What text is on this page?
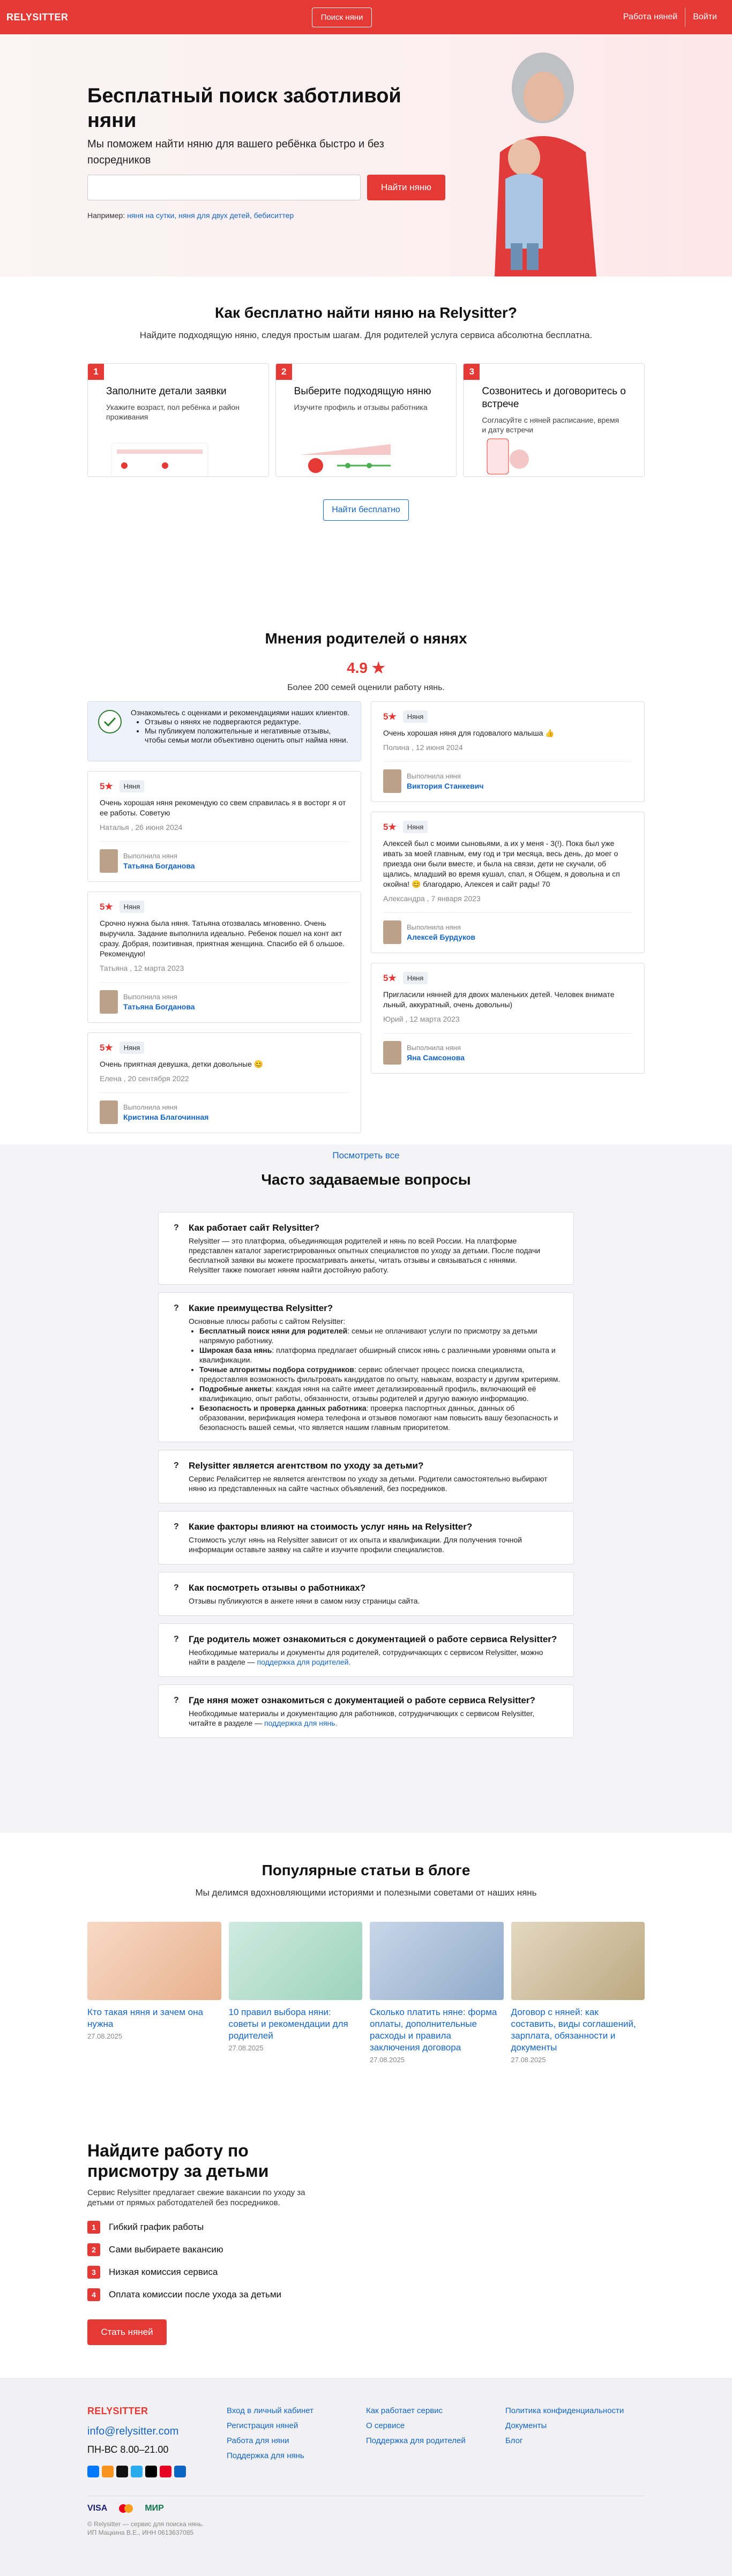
RELYSITTER	Поиск няни	Работа няней	Войти
Бесплатный поиск заботливой няни

Мы поможем найти няню для вашего ребёнка быстро и без посредников

Найти няню
Например: няня на сутки, няня для двух детей, бебиситтер
Как бесплатно найти няню на Relysitter?

Найдите подходящую няню, следуя простым шагам. Для родителей услуга сервиса абсолютна бесплатна.

1
Заполните детали заявки

Укажите возраст, пол ребёнка и район проживания

2
Выберите подходящую няню

Изучите профиль и отзывы работника

3
Созвонитесь и договоритесь о встрече

Согласуйте с няней расписание, время и дату встречи

Найти бесплатно
Мнения родителей о нянях
4.9 ★

Более 200 семей оценили работу нянь.

Ознакомьтесь с оценками и рекомендациями наших клиентов.
• Отзывы о нянях не подвергаются редактуре.
• Мы публикуем положительные и негативные отзывы, чтобы семьи могли объективно оценить опыт найма няни.
5★	Няня

Очень хорошая няня рекомендую со свем справилась я в восторг я от ее работы. Советую

Наталья , 26 июня 2024

Выполнила няня
Татьяна Богданова
5★	Няня

Срочно нужна была няня. Татьяна отозвалась мгновенно. Очень выручила. Задание выполнила идеально. Ребенок пошел на конт акт сразу. Добрая, позитивная, приятная женщина. Спасибо ей б ольшое. Рекомендую!

Татьяна , 12 марта 2023

Выполнила няня
Татьяна Богданова
5★	Няня

Очень приятная девушка, детки довольные 😊

Елена , 20 сентября 2022

Выполнила няня
Кристина Благочинная
5★	Няня

Очень хорошая няня для годовалого малыша 👍

Полина , 12 июня 2024

Выполнила няня
Виктория Станкевич
5★	Няня

Алексей был с моими сыновьями, а их у меня - 3(!). Пока был уже ивать за моей главным, ему год и три месяца, весь день, до моег о приезда они были вместе, и была на связи, дети не скучали, об щались, младший во время кушал, спал, я Общем, я довольна и сп окойна! 😊 благодарю, Алексея и сайт рады! 70

Александра , 7 января 2023

Выполнила няня
Алексей Бурдуков
5★	Няня

Пригласили нянней для двоих маленьких детей. Человек внимате льный, аккуратный, очень довольны)

Юрий , 12 марта 2023

Выполнила няня
Яна Самсонова
Посмотреть все
Часто задаваемые вопросы
? Как работает сайт Relysitter?

Relysitter — это платформа, объединяющая родителей и нянь по всей России. На платформе представлен каталог зарегистрированных опытных специалистов по уходу за детьми. После подачи бесплатной заявки вы можете просматривать анкеты, читать отзывы и связываться с нянями.

Relysitter также помогает няням найти достойную работу.

? Какие преимущества Relysitter?

Основные плюсы работы с сайтом Relysitter:

• Бесплатный поиск няни для родителей: семьи не оплачивают услуги по присмотру за детьми напрямую работнику.
• Широкая база нянь: платформа предлагает обширный список нянь с различными уровнями опыта и квалификации.
• Точные алгоритмы подбора сотрудников: сервис облегчает процесс поиска специалиста, предоставляя возможность фильтровать кандидатов по опыту, навыкам, возрасту и другим критериям.
• Подробные анкеты: каждая няня на сайте имеет детализированный профиль, включающий её квалификацию, опыт работы, обязанности, отзывы родителей и другую важную информацию.
• Безопасность и проверка данных работника: проверка паспортных данных, данных об образовании, верификация номера телефона и отзывов помогают нам повысить вашу безопасность и безопасность вашей семьи, что является нашим главным приоритетом.
? Relysitter является агентством по уходу за детьми?

Сервис Релайситтер не является агентством по уходу за детьми. Родители самостоятельно выбирают няню из представленных на сайте частных объявлений, без посредников.

? Какие факторы влияют на стоимость услуг нянь на Relysitter?

Стоимость услуг нянь на Relysitter зависит от их опыта и квалификации. Для получения точной информации оставьте заявку на сайте и изучите профили специалистов.

? Как посмотреть отзывы о работниках?

Отзывы публикуются в анкете няни в самом низу страницы сайта.

? Где родитель может ознакомиться с документацией о работе сервиса Relysitter?

Необходимые материалы и документы для родителей, сотрудничающих с сервисом Relysitter, можно найти в разделе — поддержка для родителей.

? Где няня может ознакомиться с документацией о работе сервиса Relysitter?

Необходимые материалы и документацию для работников, сотрудничающих с сервисом Relysitter, читайте в разделе — поддержка для нянь.

Популярные статьи в блоге

Мы делимся вдохновляющими историями и полезными советами от наших нянь

Кто такая няня и зачем она нужна
27.08.2025
10 правил выбора няни: советы и рекомендации для родителей
27.08.2025
Сколько платить няне: форма оплаты, дополнительные расходы и правила заключения договора
27.08.2025
Договор с няней: как составить, виды соглашений, зарплата, обязанности и документы
27.08.2025
Найдите работу по присмотру за детьми

Сервис Relysitter предлагает свежие вакансии по уходу за детьми от прямых работодателей без посредников.

1	Гибкий график работы
2	Сами выбираете вакансию
3	Низкая комиссия сервиса
4	Оплата комиссии после ухода за детьми
Стать няней
RELYSITTER
info@relysitter.com
ПН-ВС 8.00–21.00
Вход в личный кабинет
Регистрация няней
Работа для няни
Поддержка для нянь
Как работает сервис
О сервисе
Поддержка для родителей
Политика конфиденциальности
Документы
Блог
VISA	МИР

© Relysitter — сервис для поиска нянь.
ИП Мацкина В.Е., ИНН 0613637085
